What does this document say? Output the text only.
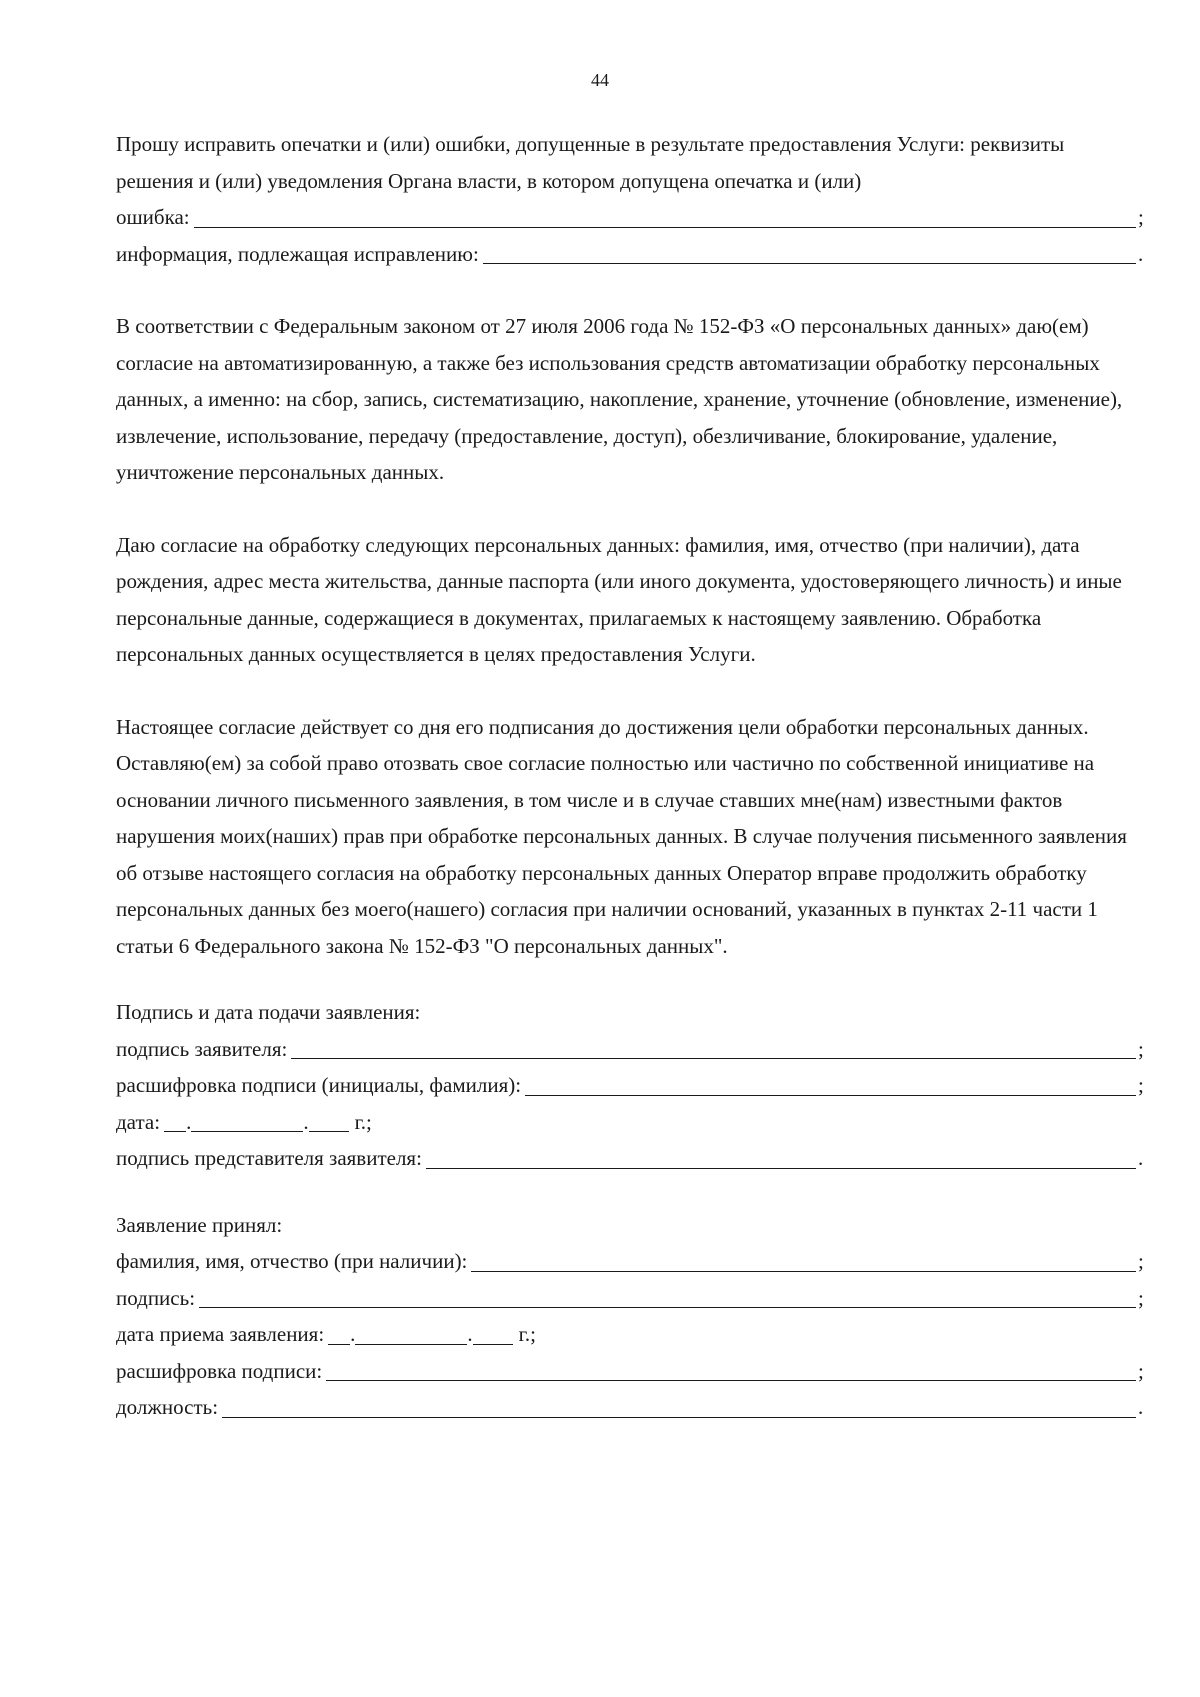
44

Прошу исправить опечатки и (или) ошибки, допущенные в результате предоставления Услуги: реквизиты решения и (или) уведомления Органа власти, в котором допущена опечатка и (или)

ошибка:	;
информация, подлежащая исправлению:	.

В соответствии с Федеральным законом от 27 июля 2006 года № 152-ФЗ «О персональных данных» даю(ем) согласие на автоматизированную, а также без использования средств автоматизации обработку персональных данных, а именно: на сбор, запись, систематизацию, накопление, хранение, уточнение (обновление, изменение), извлечение, использование, передачу (предоставление, доступ), обезличивание, блокирование, удаление, уничтожение персональных данных.

Даю согласие на обработку следующих персональных данных: фамилия, имя, отчество (при наличии), дата рождения, адрес места жительства, данные паспорта (или иного документа, удостоверяющего личность) и иные персональные данные, содержащиеся в документах, прилагаемых к настоящему заявлению. Обработка персональных данных осуществляется в целях предоставления Услуги.

Настоящее согласие действует со дня его подписания до достижения цели обработки персональных данных. Оставляю(ем) за собой право отозвать свое согласие полностью или частично по собственной инициативе на основании личного письменного заявления, в том числе и в случае ставших мне(нам) известными фактов нарушения моих(наших) прав при обработке персональных данных. В случае получения письменного заявления об отзыве настоящего согласия на обработку персональных данных Оператор вправе продолжить обработку персональных данных без моего(нашего) согласия при наличии оснований, указанных в пунктах 2-11 части 1 статьи 6 Федерального закона № 152-ФЗ "О персональных данных".

Подпись и дата подачи заявления:
подпись заявителя:	;
расшифровка подписи (инициалы, фамилия):	;
дата: .	. г.;
подпись представителя заявителя:	.
Заявление принял:
фамилия, имя, отчество (при наличии):	;
подпись:	;
дата приема заявления: .	. г.;
расшифровка подписи:	;
должность:	.
